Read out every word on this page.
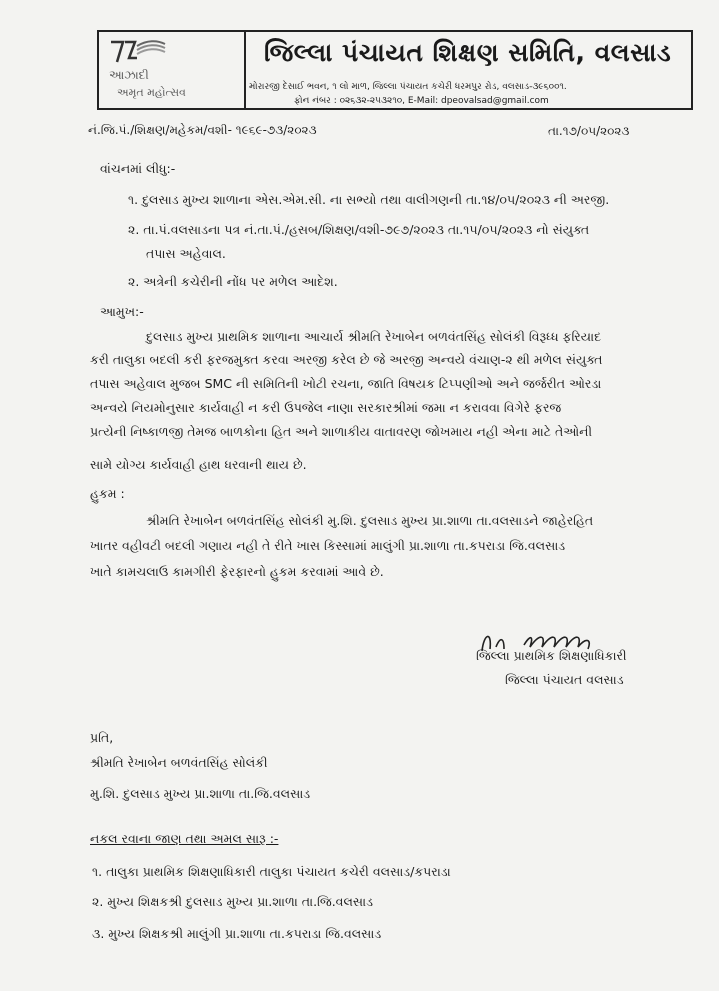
આઝાદી
અમૃત મહોત્સવ
જિલ્લા પંચાયત શિક્ષણ સમિતિ, વલસાડ
મોરારજી દેસાઈ ભવન, ૧ લો માળ, જિલ્લા પંચાયત કચેરી ધરમપુર રોડ, વલસાડ-૩૯૬૦૦૧.
ફોન નંબર : ૦૨૬૩૨-૨૫૩૨૧૦, E-Mail: dpeovalsad@gmail.com
નં.જિ.પં./શિક્ષણ/મહેકમ/વશી- ૧૯૬૯-૭૩/૨૦૨૩	તા.૧૭/૦૫/૨૦૨૩
વાંચનમાં લીધુ:-
૧. દુલસાડ મુખ્ય શાળાના એસ.એમ.સી. ના સભ્યો તથા વાલીગણની તા.૧૪/૦૫/૨૦૨૩ ની અરજી.
૨. તા.પં.વલસાડના પત્ર નં.તા.પં./હસબ/શિક્ષણ/વશી-૭૯૭/૨૦૨૩ તા.૧૫/૦૫/૨૦૨૩ નો સંયુક્ત
તપાસ અહેવાલ.
૨. અત્રેની કચેરીની નોંધ પર મળેલ આદેશ.
આમુખ:-
દુલસાડ મુખ્ય પ્રાથમિક શાળાના આચાર્ય શ્રીમતિ રેખાબેન બળવંતસિંહ સોલંકી વિરૂધ્ધ ફરિયાદ
કરી તાલુકા બદલી કરી ફરજમુક્ત કરવા અરજી કરેલ છે જે અરજી અન્વયે વંચાણ-૨ થી મળેલ સંયુક્ત
તપાસ અહેવાલ મુજબ SMC ની સમિતિની ખોટી રચના, જાતિ વિષયક ટિપ્પણીઓ અને જર્જરીત ઓરડા
અન્વયે નિયમોનુસાર કાર્યવાહી ન કરી ઉપજેલ નાણા સરકારશ્રીમાં જમા ન કરાવવા વિગેરે ફરજ
પ્રત્યેની નિષ્કાળજી તેમજ બાળકોના હિત અને શાળાકીય વાતાવરણ જોખમાય નહી એના માટે તેઓની
સામે યોગ્ય કાર્યવાહી હાથ ધરવાની થાય છે.
હુકમ :
શ્રીમતિ રેખાબેન બળવંતસિંહ સોલંકી મુ.શિ. દુલસાડ મુખ્ય પ્રા.શાળા તા.વલસાડને જાહેરહિત
ખાતર વહીવટી બદલી ગણાય નહી તે રીતે ખાસ કિસ્સામાં માલુંગી પ્રા.શાળા તા.કપરાડા જિ.વલસાડ
ખાતે કામચલાઉ કામગીરી ફેરફારનો હુકમ કરવામાં આવે છે.
જિલ્લા પ્રાથમિક શિક્ષણાધિકારી
જિલ્લા પંચાયત વલસાડ
પ્રતિ,
શ્રીમતિ રેખાબેન બળવંતસિંહ સોલંકી
મુ.શિ. દુલસાડ મુખ્ય પ્રા.શાળા તા.જિ.વલસાડ
નકલ રવાના જાણ તથા અમલ સારૂ :-
૧. તાલુકા પ્રાથમિક શિક્ષણાધિકારી તાલુકા પંચાયત કચેરી વલસાડ/કપરાડા
૨. મુખ્ય શિક્ષકશ્રી દુલસાડ મુખ્ય પ્રા.શાળા તા.જિ.વલસાડ
૩. મુખ્ય શિક્ષકશ્રી માલુંગી પ્રા.શાળા તા.કપરાડા જિ.વલસાડ
